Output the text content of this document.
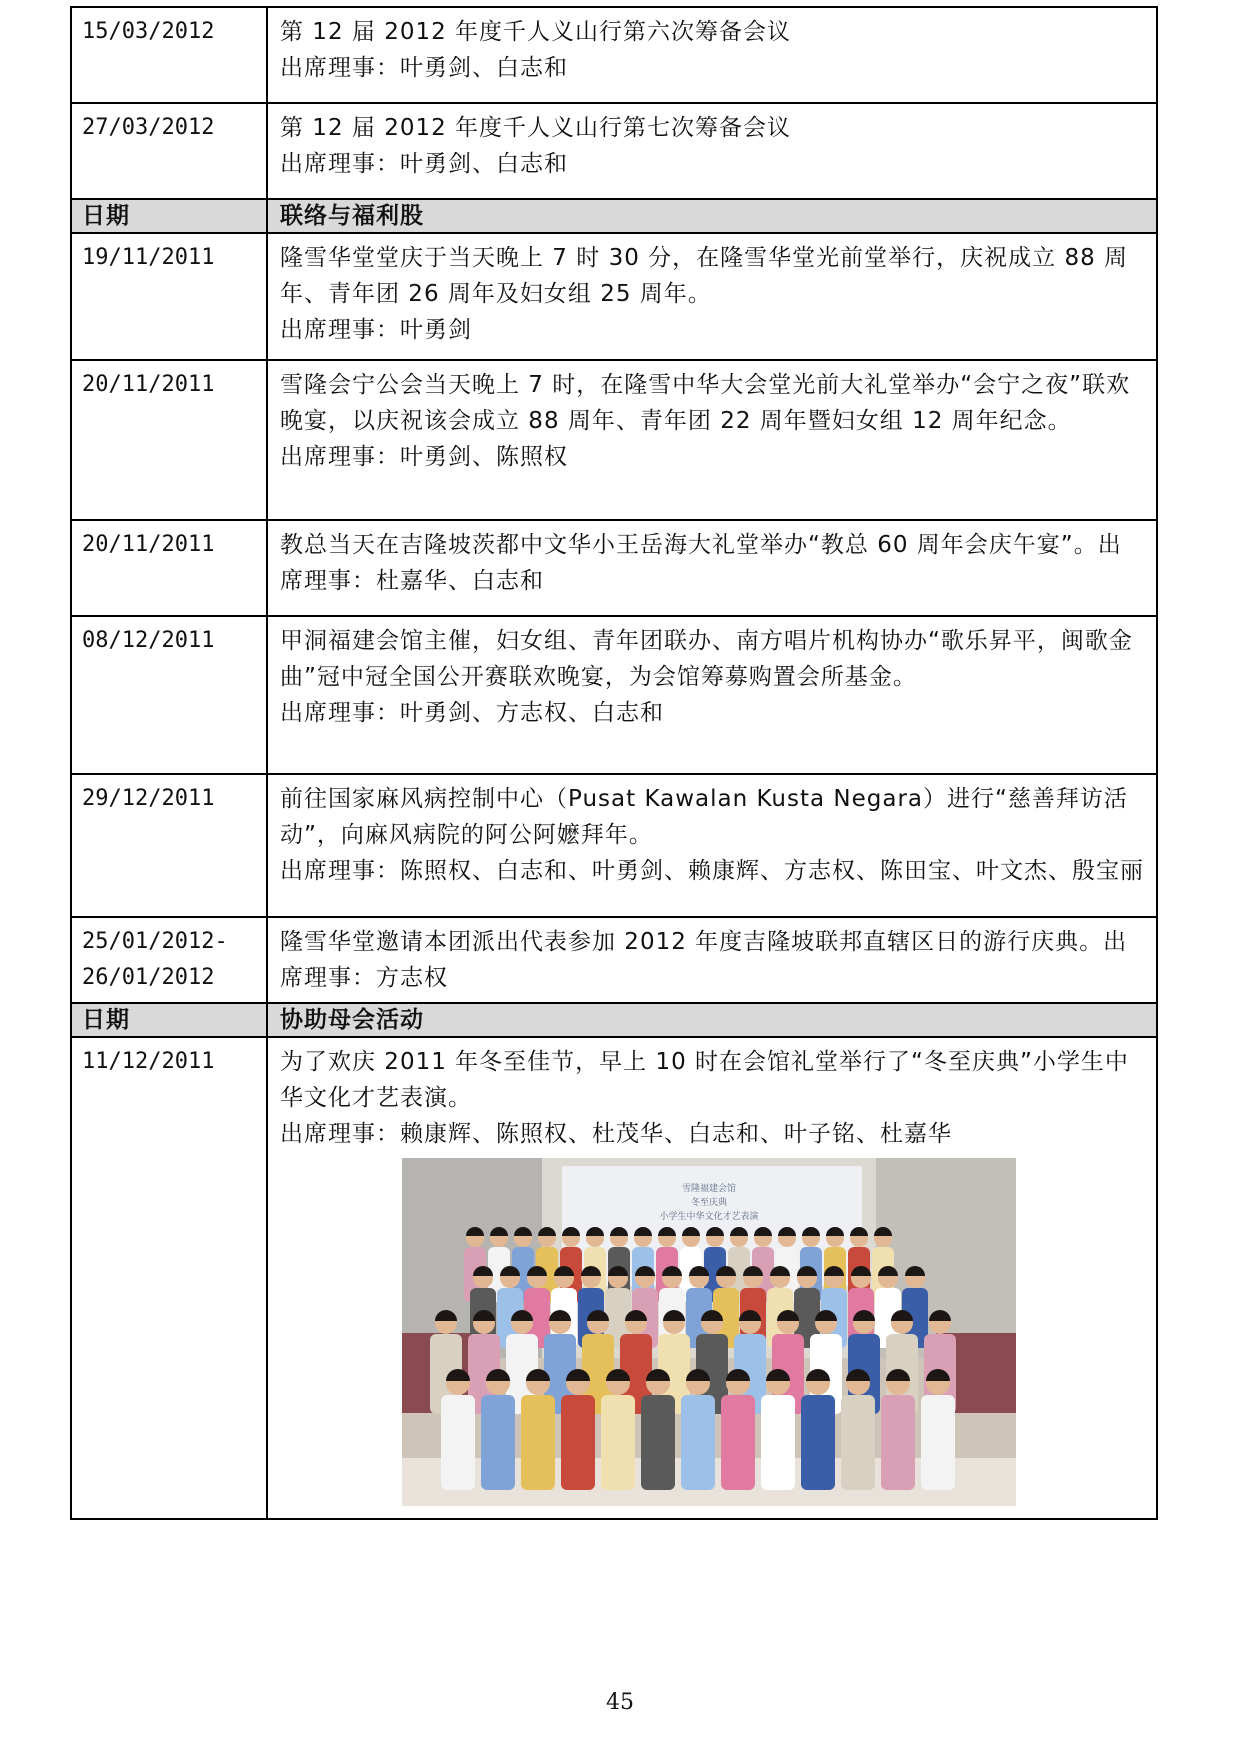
15/03/2012	第 12 届 2012 年度千人义山行第六次筹备会议
出席理事：叶勇剑、白志和

27/03/2012	第 12 届 2012 年度千人义山行第七次筹备会议
出席理事：叶勇剑、白志和

日期	联络与福利股

19/11/2011	隆雪华堂堂庆于当天晚上 7 时 30 分，在隆雪华堂光前堂举行，庆祝成立 88 周年、青年团 26 周年及妇女组 25 周年。
出席理事：叶勇剑

20/11/2011	雪隆会宁公会当天晚上 7 时，在隆雪中华大会堂光前大礼堂举办“会宁之夜”联欢晚宴，以庆祝该会成立 88 周年、青年团 22 周年暨妇女组 12 周年纪念。
出席理事：叶勇剑、陈照权

20/11/2011	教总当天在吉隆坡茨都中文华小王岳海大礼堂举办“教总 60 周年会庆午宴”。出席理事：杜嘉华、白志和

08/12/2011	甲洞福建会馆主催，妇女组、青年团联办、南方唱片机构协办“歌乐昇平，闽歌金曲”冠中冠全国公开赛联欢晚宴，为会馆筹募购置会所基金。
出席理事：叶勇剑、方志权、白志和

29/12/2011	前往国家麻风病控制中心（Pusat Kawalan Kusta Negara）进行“慈善拜访活动”，向麻风病院的阿公阿嬷拜年。
出席理事：陈照权、白志和、叶勇剑、赖康辉、方志权、陈田宝、叶文杰、殷宝丽

25/01/2012-
26/01/2012	隆雪华堂邀请本团派出代表参加 2012 年度吉隆坡联邦直辖区日的游行庆典。出席理事：方志权

日期	协助母会活动

11/12/2011	为了欢庆 2011 年冬至佳节，早上 10 时在会馆礼堂举行了“冬至庆典”小学生中华文化才艺表演。
出席理事：赖康辉、陈照权、杜茂华、白志和、叶子铭、杜嘉华
雪隆福建会馆
冬至庆典
小学生中华文化才艺表演
45
